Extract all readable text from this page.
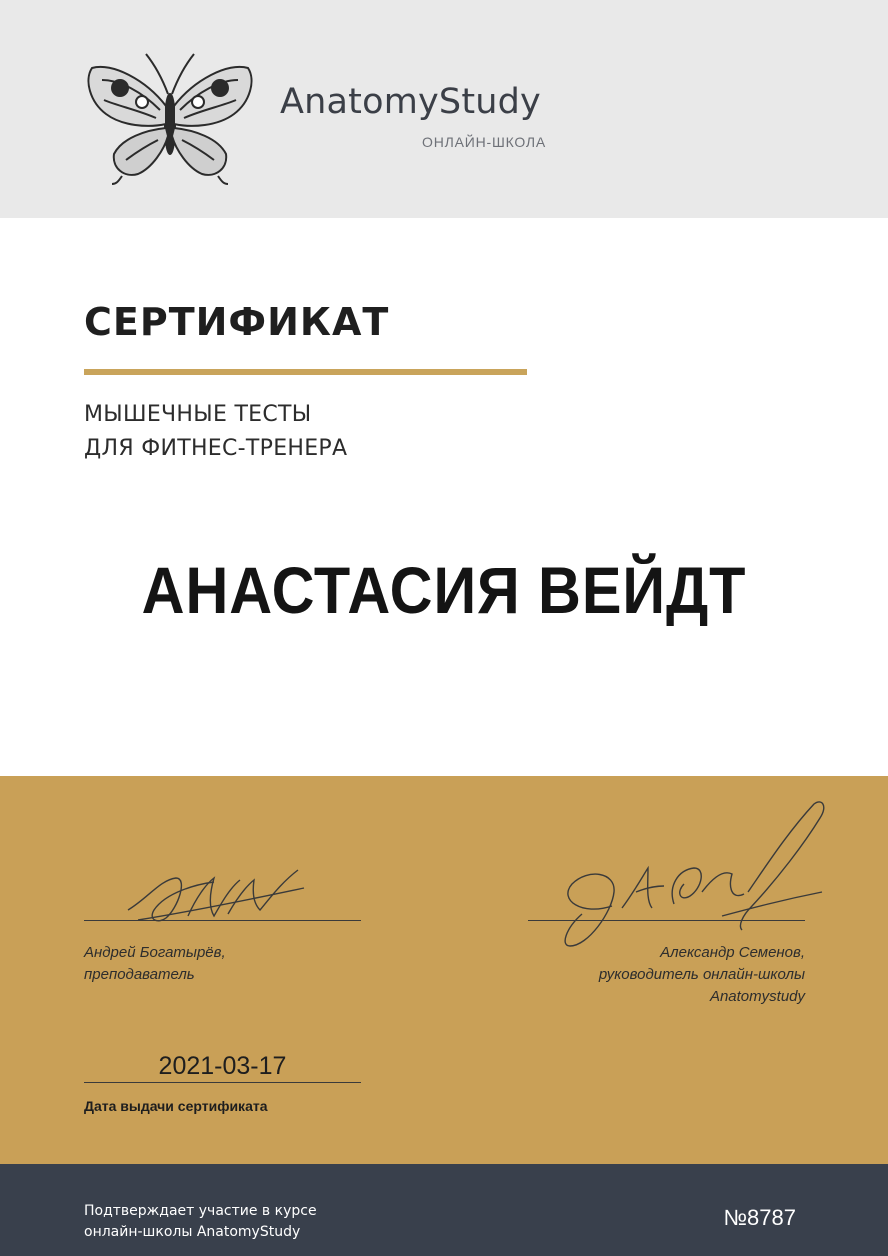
AnatomyStudy
ОНЛАЙН-ШКОЛА
СЕРТИФИКАТ
МЫШЕЧНЫЕ ТЕСТЫ
ДЛЯ ФИТНЕС-ТРЕНЕРА
АНАСТАСИЯ ВЕЙДТ
Андрей Богатырёв,
преподаватель
Александр Семенов,
руководитель онлайн-школы
Anatomystudy
2021-03-17
Дата выдачи сертификата
Подтверждает участие в курсе
онлайн-школы AnatomyStudy
№8787
